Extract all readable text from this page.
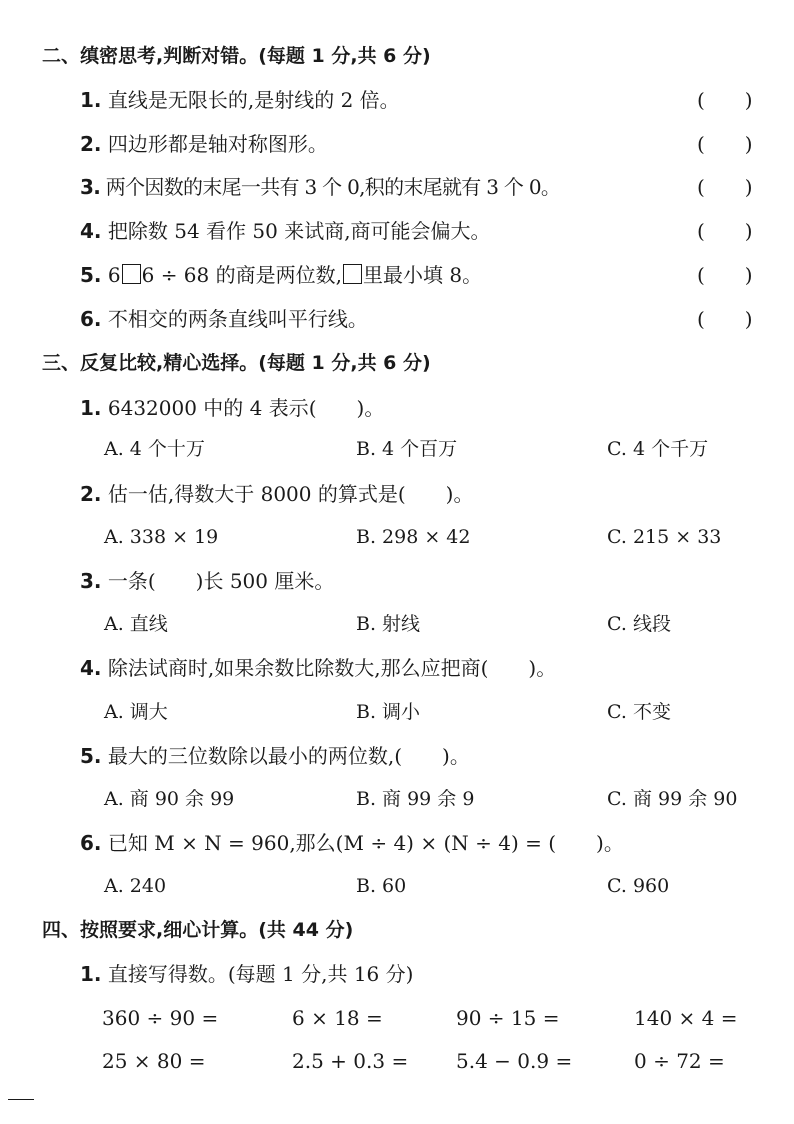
二、缜密思考,判断对错。(每题 1 分,共 6 分)
1. 直线是无限长的,是射线的 2 倍。	(　　)
2. 四边形都是轴对称图形。	(　　)
3. 两个因数的末尾一共有 3 个 0,积的末尾就有 3 个 0。	(　　)
4. 把除数 54 看作 50 来试商,商可能会偏大。	(　　)
5. 6 6 ÷ 68 的商是两位数, 里最小填 8。	(　　)
6. 不相交的两条直线叫平行线。	(　　)
三、反复比较,精心选择。(每题 1 分,共 6 分)
1. 6432000 中的 4 表示(　　)。
A. 4 个十万	B. 4 个百万	C. 4 个千万
2. 估一估,得数大于 8000 的算式是(　　)。
A. 338 × 19	B. 298 × 42	C. 215 × 33
3. 一条(　　)长 500 厘米。
A. 直线	B. 射线	C. 线段
4. 除法试商时,如果余数比除数大,那么应把商(　　)。
A. 调大	B. 调小	C. 不变
5. 最大的三位数除以最小的两位数,(　　)。
A. 商 90 余 99	B. 商 99 余 9	C. 商 99 余 90
6. 已知 M × N = 960,那么(M ÷ 4) × (N ÷ 4) = (　　)。
A. 240	B. 60	C. 960
四、按照要求,细心计算。(共 44 分)
1. 直接写得数。(每题 1 分,共 16 分)
360 ÷ 90 =	6 × 18 =	90 ÷ 15 =	140 × 4 =
25 × 80 =	2.5 + 0.3 = 5.4 − 0.9 =	0 ÷ 72 =
